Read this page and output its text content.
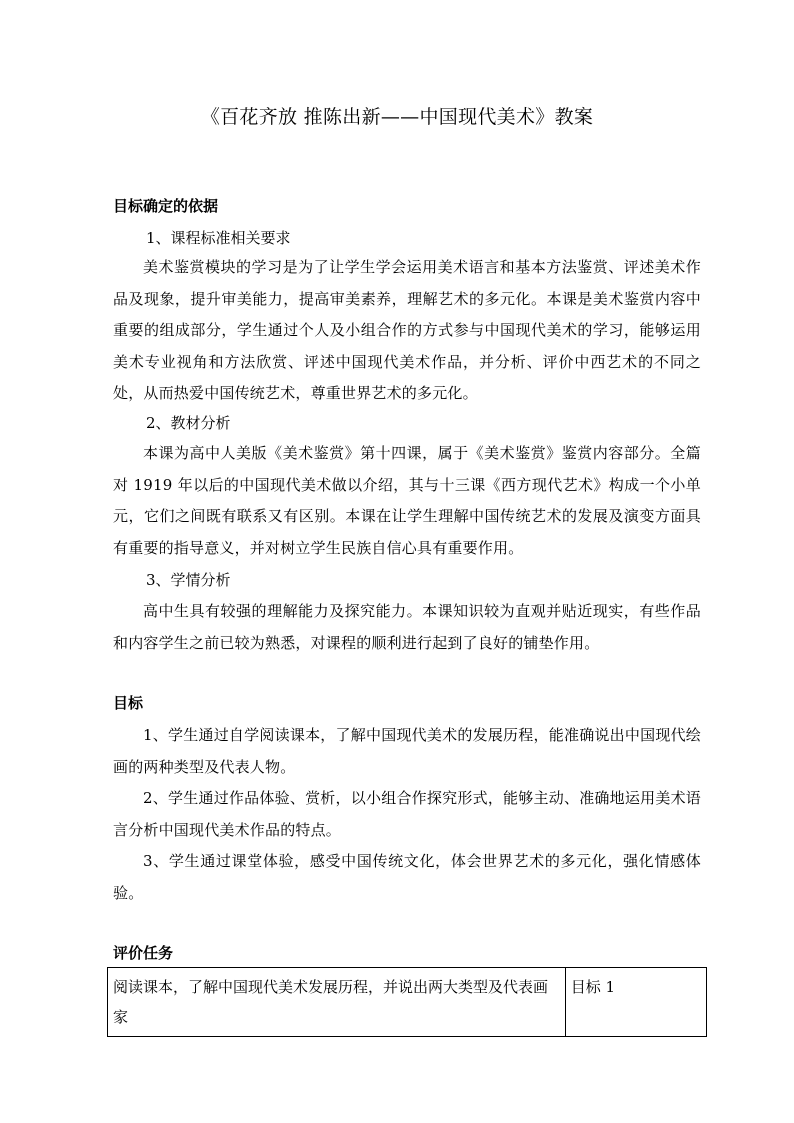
《百花齐放 推陈出新——中国现代美术》教案
目标确定的依据
1、课程标准相关要求
美术鉴赏模块的学习是为了让学生学会运用美术语言和基本方法鉴赏、评述美术作品及现象，提升审美能力，提高审美素养，理解艺术的多元化。本课是美术鉴赏内容中重要的组成部分，学生通过个人及小组合作的方式参与中国现代美术的学习，能够运用美术专业视角和方法欣赏、评述中国现代美术作品，并分析、评价中西艺术的不同之处，从而热爱中国传统艺术，尊重世界艺术的多元化。
2、教材分析
本课为高中人美版《美术鉴赏》第十四课，属于《美术鉴赏》鉴赏内容部分。全篇对 1919 年以后的中国现代美术做以介绍，其与十三课《西方现代艺术》构成一个小单元，它们之间既有联系又有区别。本课在让学生理解中国传统艺术的发展及演变方面具有重要的指导意义，并对树立学生民族自信心具有重要作用。
3、学情分析
高中生具有较强的理解能力及探究能力。本课知识较为直观并贴近现实，有些作品和内容学生之前已较为熟悉，对课程的顺利进行起到了良好的铺垫作用。
目标
1、学生通过自学阅读课本，了解中国现代美术的发展历程，能准确说出中国现代绘画的两种类型及代表人物。
2、学生通过作品体验、赏析，以小组合作探究形式，能够主动、准确地运用美术语言分析中国现代美术作品的特点。
3、学生通过课堂体验，感受中国传统文化，体会世界艺术的多元化，强化情感体验。
评价任务
阅读课本，了解中国现代美术发展历程，并说出两大类型及代表画家	目标 1
